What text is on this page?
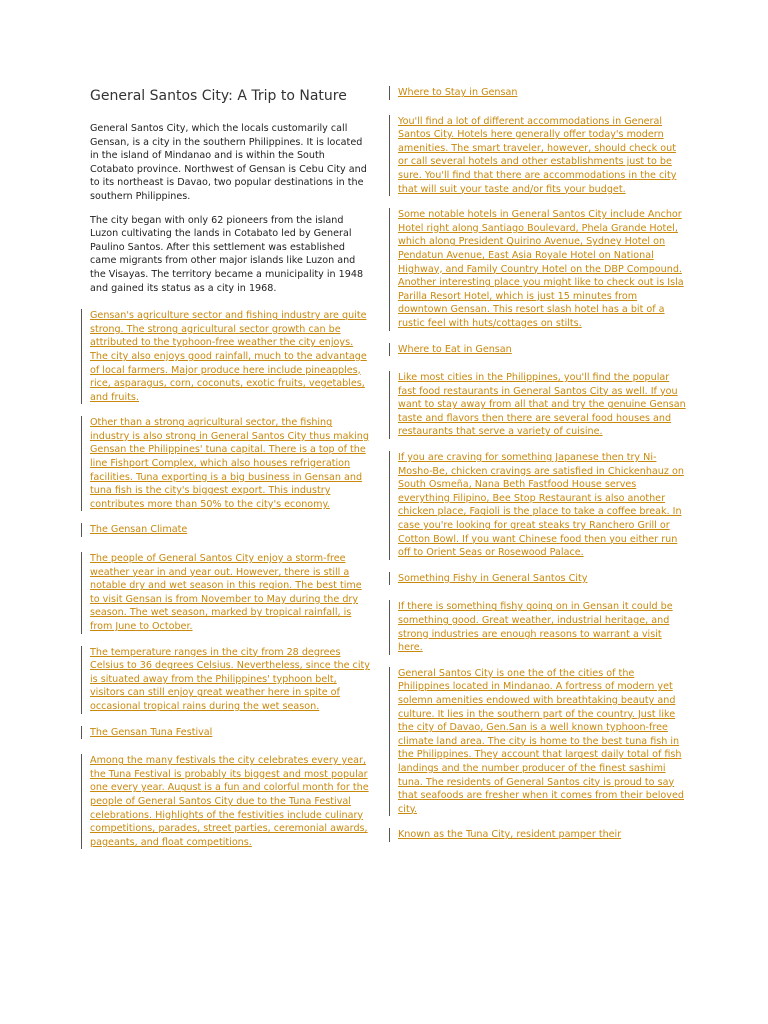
General Santos City: A Trip to Nature

General Santos City, which the locals customarily call Gensan, is a city in the southern Philippines. It is located in the island of Mindanao and is within the South Cotabato province. Northwest of Gensan is Cebu City and to its northeast is Davao, two popular destinations in the southern Philippines.

The city began with only 62 pioneers from the island Luzon cultivating the lands in Cotabato led by General Paulino Santos. After this settlement was established came migrants from other major islands like Luzon and the Visayas. The territory became a municipality in 1948 and gained its status as a city in 1968.

Gensan's agriculture sector and fishing industry are quite strong. The strong agricultural sector growth can be attributed to the typhoon-free weather the city enjoys. The city also enjoys good rainfall, much to the advantage of local farmers. Major produce here include pineapples, rice, asparagus, corn, coconuts, exotic fruits, vegetables, and fruits.
Other than a strong agricultural sector, the fishing industry is also strong in General Santos City thus making Gensan the Philippines' tuna capital. There is a top of the line Fishport Complex, which also houses refrigeration facilities. Tuna exporting is a big business in Gensan and tuna fish is the city's biggest export. This industry contributes more than 50% to the city's economy.
The Gensan Climate
The people of General Santos City enjoy a storm-free weather year in and year out. However, there is still a notable dry and wet season in this region. The best time to visit Gensan is from November to May during the dry season. The wet season, marked by tropical rainfall, is from June to October.
The temperature ranges in the city from 28 degrees Celsius to 36 degrees Celsius. Nevertheless, since the city is situated away from the Philippines' typhoon belt, visitors can still enjoy great weather here in spite of occasional tropical rains during the wet season.
The Gensan Tuna Festival
Among the many festivals the city celebrates every year, the Tuna Festival is probably its biggest and most popular one every year. August is a fun and colorful month for the people of General Santos City due to the Tuna Festival celebrations. Highlights of the festivities include culinary competitions, parades, street parties, ceremonial awards, pageants, and float competitions.
Where to Stay in Gensan
You'll find a lot of different accommodations in General Santos City. Hotels here generally offer today's modern amenities. The smart traveler, however, should check out or call several hotels and other establishments just to be sure. You'll find that there are accommodations in the city that will suit your taste and/or fits your budget.
Some notable hotels in General Santos City include Anchor Hotel right along Santiago Boulevard, Phela Grande Hotel, which along President Quirino Avenue, Sydney Hotel on Pendatun Avenue, East Asia Royale Hotel on National Highway, and Family Country Hotel on the DBP Compound. Another interesting place you might like to check out is Isla Parilla Resort Hotel, which is just 15 minutes from downtown Gensan. This resort slash hotel has a bit of a rustic feel with huts/cottages on stilts.
Where to Eat in Gensan
Like most cities in the Philippines, you'll find the popular fast food restaurants in General Santos City as well. If you want to stay away from all that and try the genuine Gensan taste and flavors then there are several food houses and restaurants that serve a variety of cuisine.
If you are craving for something Japanese then try Ni-Mosho-Be, chicken cravings are satisfied in Chickenhauz on South Osmeña, Nana Beth Fastfood House serves everything Filipino, Bee Stop Restaurant is also another chicken place, Fagioli is the place to take a coffee break. In case you're looking for great steaks try Ranchero Grill or Cotton Bowl. If you want Chinese food then you either run off to Orient Seas or Rosewood Palace.
Something Fishy in General Santos City
If there is something fishy going on in Gensan it could be something good. Great weather, industrial heritage, and strong industries are enough reasons to warrant a visit here.
General Santos City is one the of the cities of the Philippines located in Mindanao. A fortress of modern yet solemn amenities endowed with breathtaking beauty and culture. It lies in the southern part of the country. Just like the city of Davao, Gen.San is a well known typhoon-free climate land area. The city is home to the best tuna fish in the Philippines. They account that largest daily total of fish landings and the number producer of the finest sashimi tuna. The residents of General Santos city is proud to say that seafoods are fresher when it comes from their beloved city.
Known as the Tuna City, resident pamper their
